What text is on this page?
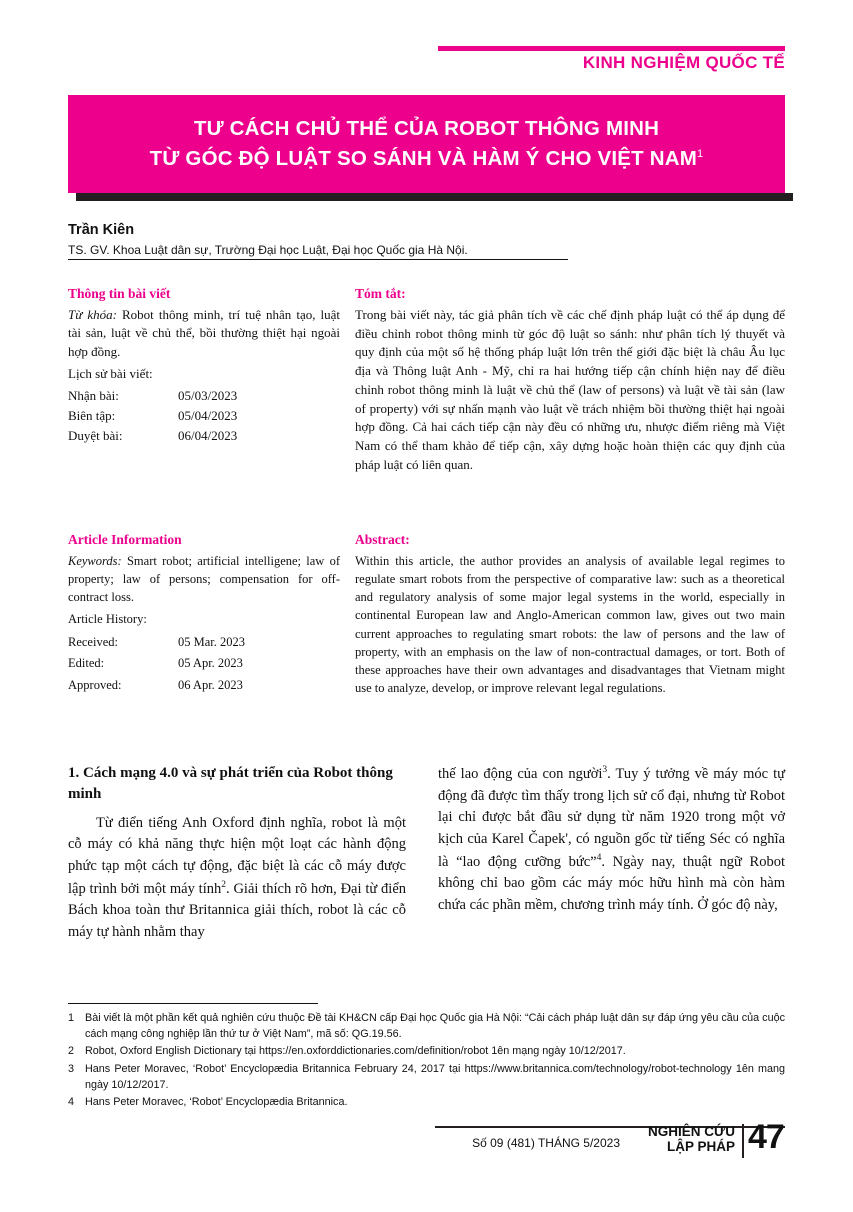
KINH NGHIỆM QUỐC TẾ
TƯ CÁCH CHỦ THỂ CỦA ROBOT THÔNG MINH
TỪ GÓC ĐỘ LUẬT SO SÁNH VÀ HÀM Ý CHO VIỆT NAM$^1$
Trần Kiên
TS. GV. Khoa Luật dân sự, Trường Đại học Luật, Đại học Quốc gia Hà Nội.
Thông tin bài viết
Từ khóa: Robot thông minh, trí tuệ nhân tạo, luật tài sản, luật về chủ thể, bồi thường thiệt hại ngoài hợp đồng.
Lịch sử bài viết:
Nhận bài:	05/03/2023
Biên tập:	05/04/2023
Duyệt bài:	06/04/2023
Tóm tắt:
Trong bài viết này, tác giả phân tích về các chế định pháp luật có thể áp dụng để điều chỉnh robot thông minh từ góc độ luật so sánh: như phân tích lý thuyết và quy định của một số hệ thống pháp luật lớn trên thế giới đặc biệt là châu Âu lục địa và Thông luật Anh - Mỹ, chỉ ra hai hướng tiếp cận chính hiện nay để điều chỉnh robot thông minh là luật về chủ thể (law of persons) và luật về tài sản (law of property) với sự nhấn mạnh vào luật về trách nhiệm bồi thường thiệt hại ngoài hợp đồng. Cả hai cách tiếp cận này đều có những ưu, nhược điểm riêng mà Việt Nam có thể tham khảo để tiếp cận, xây dựng hoặc hoàn thiện các quy định của pháp luật có liên quan.
Article Information
Keywords: Smart robot; artificial intelligene; law of property; law of persons; compensation for off-contract loss.
Article History:
Received:	05 Mar. 2023
Edited:	05 Apr. 2023
Approved:	06 Apr. 2023
Abstract:
Within this article, the author provides an analysis of available legal regimes to regulate smart robots from the perspective of comparative law: such as a theoretical and regulatory analysis of some major legal systems in the world, especially in continental European law and Anglo-American common law, gives out two main current approaches to regulating smart robots: the law of persons and the law of property, with an emphasis on the law of non-contractual damages, or tort. Both of these approaches have their own advantages and disadvantages that Vietnam might use to analyze, develop, or improve relevant legal regulations.
1. Cách mạng 4.0 và sự phát triển của Robot thông minh
Từ điển tiếng Anh Oxford định nghĩa, robot là một cỗ máy có khả năng thực hiện một loạt các hành động phức tạp một cách tự động, đặc biệt là các cỗ máy được lập trình bởi một máy tính$^2$. Giải thích rõ hơn, Đại từ điển Bách khoa toàn thư Britannica giải thích, robot là các cỗ máy tự hành nhằm thay
thế lao động của con người$^3$. Tuy ý tưởng về máy móc tự động đã được tìm thấy trong lịch sử cổ đại, nhưng từ Robot lại chỉ được bắt đầu sử dụng từ năm 1920 trong một vở kịch của Karel Čapek', có nguồn gốc từ tiếng Séc có nghĩa là “lao động cưỡng bức”$^4$. Ngày nay, thuật ngữ Robot không chỉ bao gồm các máy móc hữu hình mà còn hàm chứa các phần mềm, chương trình máy tính. Ở góc độ này,
1	Bài viết là một phần kết quả nghiên cứu thuộc Đề tài KH&CN cấp Đại học Quốc gia Hà Nội: “Cải cách pháp luật dân sự đáp ứng yêu cầu của cuộc cách mạng công nghiệp lần thứ tư ở Việt Nam”, mã số: QG.19.56.
2	Robot, Oxford English Dictionary tại https://en.oxforddictionaries.com/definition/robot 1ên mạng ngày 10/12/2017.
3	Hans Peter Moravec, ‘Robot’ Encyclopædia Britannica February 24, 2017 tại https://www.britannica.com/technology/robot-technology 1ên mang ngày 10/12/2017.
4	Hans Peter Moravec, ‘Robot’ Encyclopædia Britannica.
Số 09 (481) THÁNG 5/2023
NGHIÊN CỨU
LẬP PHÁP 47
